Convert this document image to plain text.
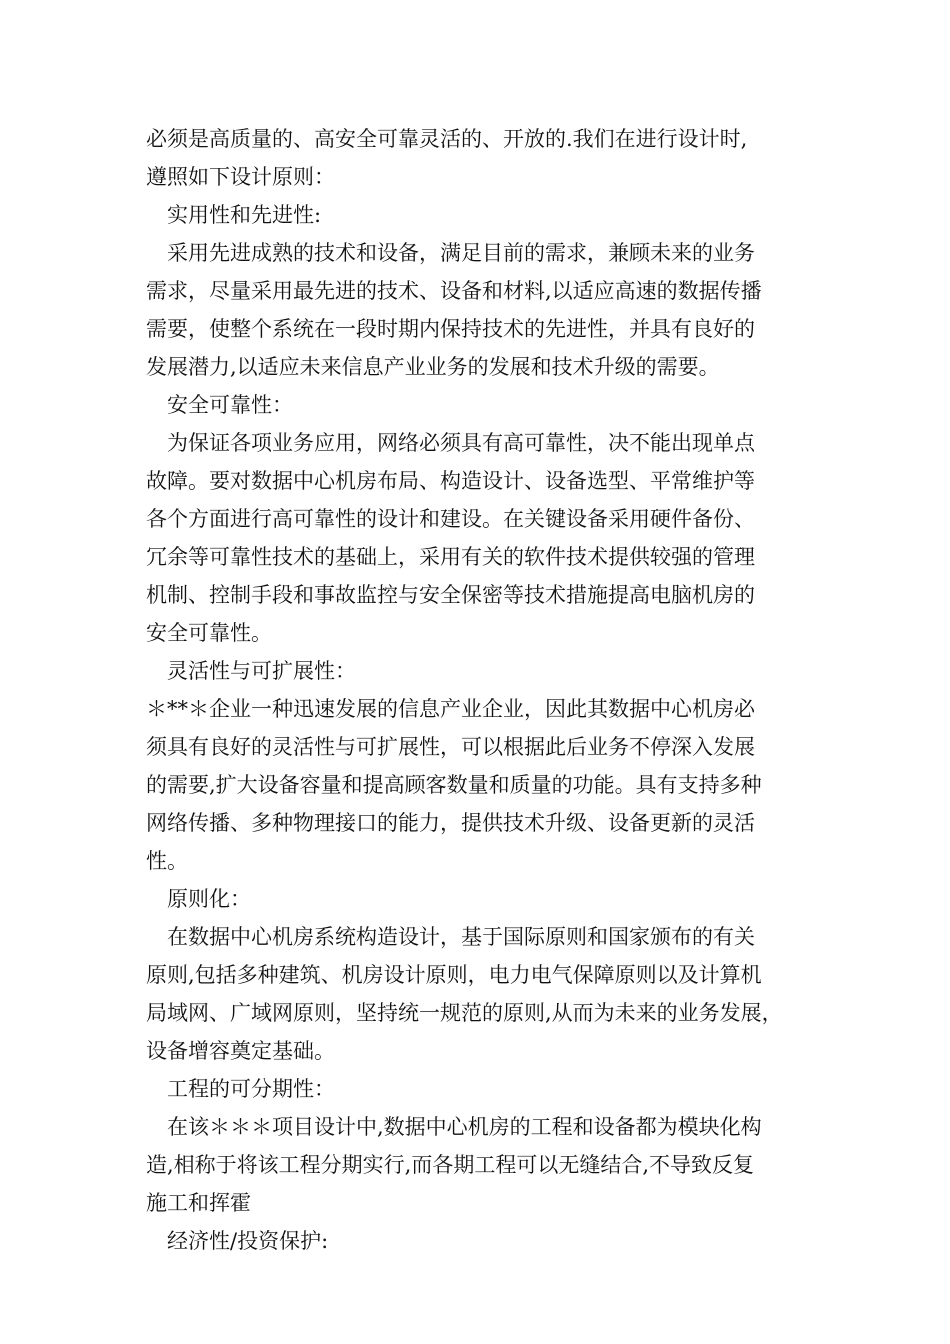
必须是高质量的、高安全可靠灵活的、开放的.我们在进行设计时,
遵照如下设计原则：
实用性和先进性:
采用先进成熟的技术和设备，满足目前的需求，兼顾未来的业务
需求，尽量采用最先进的技术、设备和材料,以适应高速的数据传播
需要，使整个系统在一段时期内保持技术的先进性，并具有良好的
发展潜力,以适应未来信息产业业务的发展和技术升级的需要。
安全可靠性：
为保证各项业务应用，网络必须具有高可靠性，决不能出现单点
故障。要对数据中心机房布局、构造设计、设备选型、平常维护等
各个方面进行高可靠性的设计和建设。在关键设备采用硬件备份、
冗余等可靠性技术的基础上，采用有关的软件技术提供较强的管理
机制、控制手段和事故监控与安全保密等技术措施提高电脑机房的
安全可靠性。
灵活性与可扩展性：
＊**＊企业一种迅速发展的信息产业企业，因此其数据中心机房必
须具有良好的灵活性与可扩展性，可以根据此后业务不停深入发展
的需要,扩大设备容量和提高顾客数量和质量的功能。具有支持多种
网络传播、多种物理接口的能力，提供技术升级、设备更新的灵活
性。
原则化：
在数据中心机房系统构造设计，基于国际原则和国家颁布的有关
原则,包括多种建筑、机房设计原则，电力电气保障原则以及计算机
局域网、广域网原则，坚持统一规范的原则,从而为未来的业务发展，
设备增容奠定基础。
工程的可分期性：
在该＊＊＊项目设计中,数据中心机房的工程和设备都为模块化构
造,相称于将该工程分期实行,而各期工程可以无缝结合,不导致反复
施工和挥霍
经济性/投资保护:
